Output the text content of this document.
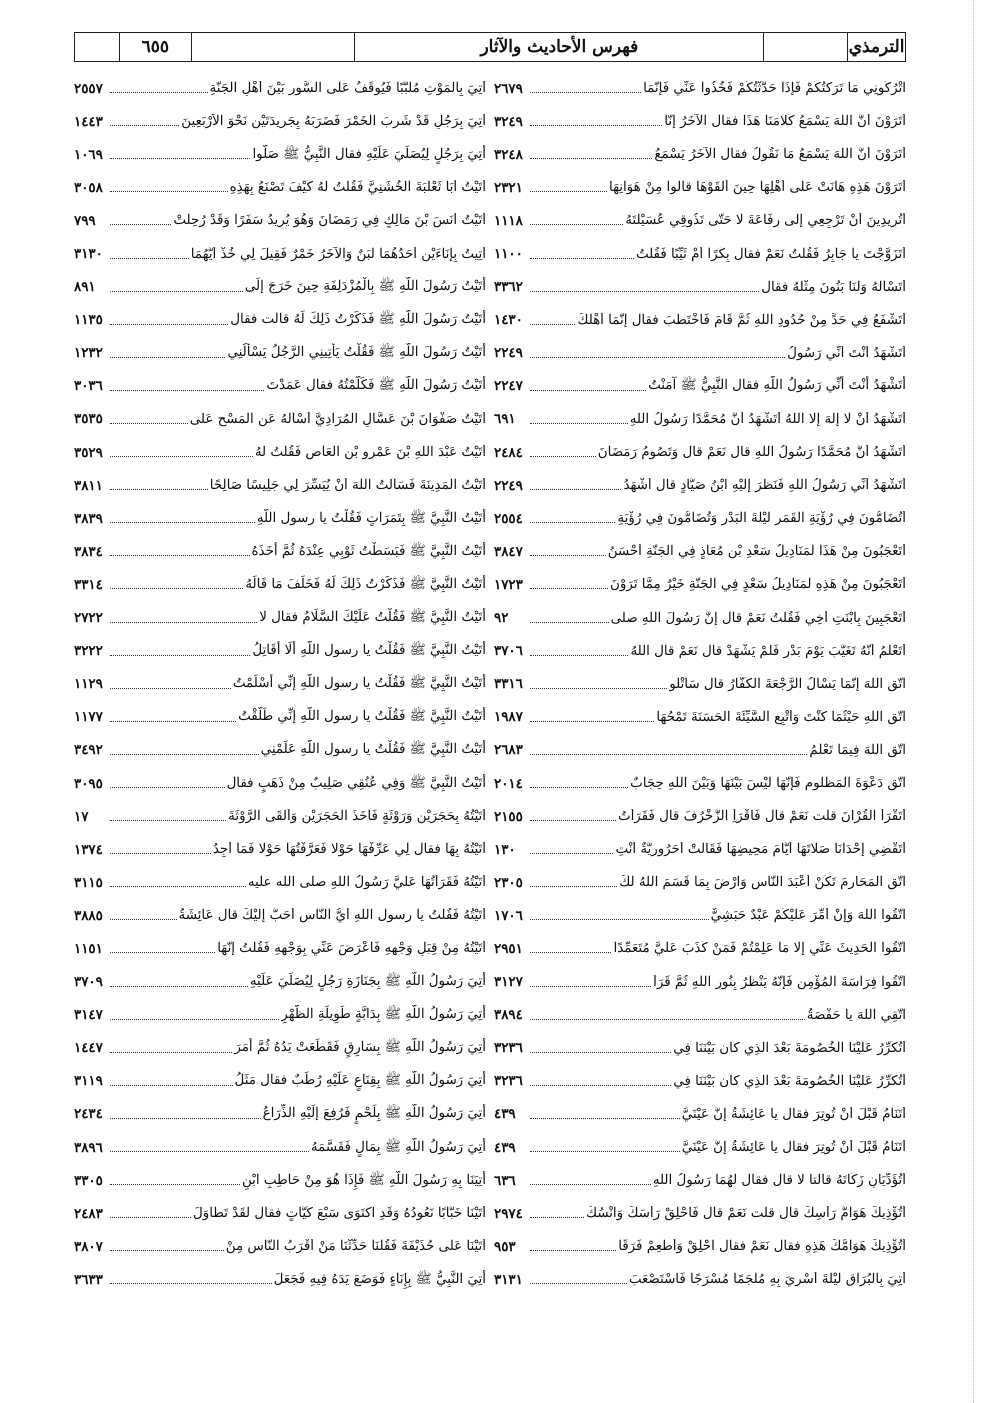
٦٥٥	فهرس الأحاديث والآثار	الترمذي
اتْرُكُونِي مَا تَرَكْتُكُمْ فَإِذَا حَدَّثْتُكُمْ فَخُذُوا عَنِّي فَإِنَّمَا
٢٦٧٩
أتَرَوْنَ أنَّ اللَّهَ يَسْمَعُ كَلَامَنَا هَذَا فقال الآخَرُ إنَّا
٣٢٤٩
أتَرَوْنَ أنَّ اللَّهَ يَسْمَعُ مَا نَقُولُ فقال الآخَرُ يَسْمَعُ
٣٢٤٨
أتَرَوْنَ هَذِهِ هَانَتْ عَلَى أهْلِهَا حِينَ ألْقَوْهَا قالوا مِنْ هَوَانِهَا
٢٣٢١
أتُرِيدِينَ أنْ تَرْجِعِي إلَى رِفَاعَةَ لا حَتَّى تَذُوقِي عُسَيْلَتَهُ
١١١٨
أتَزَوَّجْتَ يا جَابِرُ فَقُلْتُ نَعَمْ فقال بِكْرًا أمْ ثَيِّبًا فَقُلْتُ
١١٠٠
أتَسْأَلُهُ وَلَنَا بَنُونَ مِثْلُهُ فقال
٣٣٦٢
أتَشْفَعُ فِي حَدٍّ مِنْ حُدُودِ اللَّهِ ثُمَّ قَامَ فَاخْتَطَبَ فقال إنَّمَا أهْلَكَ
١٤٣٠
أتَشْهَدُ أنْتَ أنِّي رَسُولُ
٢٢٤٩
أتَشْهَدُ أنْتَ أنِّي رَسُولُ اللَّهِ فقال النَّبِيُّ ﷺ آمَنْتُ
٢٢٤٧
أتَشْهَدُ أنْ لَا إلَهَ إلَّا اللَّهُ أتَشْهَدُ أنَّ مُحَمَّدًا رَسُولُ اللَّهِ
٦٩١
أتَشْهَدُ أنَّ مُحَمَّدًا رَسُولُ اللَّهِ قال نَعَمْ قال وَتَصُومُ رَمَضَانَ
٢٤٨٤
أتَشْهَدُ أنِّي رَسُولُ اللَّهِ فَنَظَرَ إلَيْهِ ابْنُ صَيَّادٍ قال أشْهَدُ
٢٢٤٩
أتُضَامُّونَ فِي رُؤْيَةِ الْقَمَرِ لَيْلَةَ الْبَدْرِ وَتُضَامُّونَ فِي رُؤْيَةِ
٢٥٥٤
أتَعْجَبُونَ مِنْ هَذَا لَمَنَادِيلُ سَعْدِ بْنِ مُعَاذٍ فِي الْجَنَّةِ أحْسَنُ
٣٨٤٧
أتَعْجَبُونَ مِنْ هَذِهِ لَمَنَادِيلُ سَعْدٍ فِي الْجَنَّةِ خَيْرٌ مِمَّا تَرَوْنَ
١٧٢٣
أتَعْجَبِينَ بِابْنَتِ أخِي فَقُلْتُ نَعَمْ قال إنَّ رَسُولَ اللَّهِ صلى
٩٢
أتَعْلَمُ أنَّهُ تَغَيَّبَ يَوْمَ بَدْرٍ فَلَمْ يَشْهَدْ قال نَعَمْ قال اللَّهُ
٣٧٠٦
اتَّقِ اللَّهَ إنَّمَا يَسْأَلُ الرَّجْعَةَ الْكُفَّارُ قال سَأَتْلُو
٣٣١٦
اتَّقِ اللَّهِ حَيْثُمَا كُنْتَ وَأتْبِعِ السَّيِّئَةَ الْحَسَنَةَ تَمْحُهَا
١٩٨٧
اتَّقِ اللَّهَ فِيمَا تَعْلَمُ
٢٦٨٣
اتَّقِ دَعْوَةَ الْمَظْلُومِ فَإِنَّهَا لَيْسَ بَيْنَهَا وَبَيْنَ اللَّهِ حِجَابٌ
٢٠١٤
أتَقْرَأُ الْقُرْآنَ قلت نَعَمْ قال فَاقْرَأِ الزُّخْرُفَ قال فَقَرَأْتُ
٢١٥٥
أتَقْضِي إحْدَانَا صَلَاتَهَا أيَّامَ مَحِيضِهَا فَقَالَتْ أحَرُورِيَّةٌ أنْتِ
١٣٠
اتَّقِ الْمَحَارِمَ تَكُنْ أعْبَدَ النَّاسِ وَارْضَ بِمَا قَسَمَ اللَّهُ لَكَ
٢٣٠٥
اتَّقُوا اللَّهَ وَإنْ أُمِّرَ عَلَيْكُمْ عَبْدٌ حَبَشِيٌّ
١٧٠٦
اتَّقُوا الْحَدِيثَ عَنِّي إلَّا مَا عَلِمْتُمْ فَمَنْ كَذَبَ عَلَيَّ مُتَعَمِّدًا
٢٩٥١
اتَّقُوا فِرَاسَةَ الْمُؤْمِنِ فَإِنَّهُ يَنْظُرُ بِنُورِ اللَّهِ ثُمَّ قَرَأَ
٣١٢٧
اتَّقِي اللَّهَ يا حَفْصَةُ
٣٨٩٤
أتُكَرِّرُ عَلَيْنَا الْخُصُومَةَ بَعْدَ الَّذِي كان بَيْنَنَا فِي
٣٢٣٦
أتُكَرِّرُ عَلَيْنَا الْخُصُومَةَ بَعْدَ الَّذِي كان بَيْنَنَا فِي
٣٢٣٦
أتَنَامُ قَبْلَ أنْ تُوتِرَ فقال يا عَائِشَةُ إنَّ عَيْنَيَّ
٤٣٩
أتَنَامُ قَبْلَ أنْ تُوتِرَ فقال يا عَائِشَةُ إنَّ عَيْنَيَّ
٤٣٩
أتُؤَدِّيَانِ زَكَاتَهُ قالتا لا قال فقال لَهُمَا رَسُولُ اللَّهِ
٦٣٦
أتُؤْذِيكَ هَوَامُّ رَأْسِكَ قال قلت نَعَمْ قال فَاحْلِقْ رَأْسَكَ وَانْسُكْ
٢٩٧٤
أتُؤْذِيكَ هَوَامُّكَ هَذِهِ فقال نَعَمْ فقال احْلِقْ وَأطْعِمْ فَرَقًا
٩٥٣
أُتِيَ بِالْبُرَاقِ لَيْلَةَ أُسْرِيَ بِهِ مُلْجَمًا مُسْرَجًا فَاسْتَصْعَبَ
٣١٣١
أُتِيَ بِالْمَوْتِ مُلَبَّبًا فَيُوقَفُ عَلَى السُّورِ بَيْنَ أهْلِ الْجَنَّةِ
٢٥٥٧
أُتِيَ بِرَجُلٍ قَدْ شَرِبَ الْخَمْرَ فَضَرَبَهُ بِجَرِيدَتَيْنِ نَحْوَ الْأرْبَعِينَ
١٤٤٣
أُتِيَ بِرَجُلٍ لِيُصَلِّيَ عَلَيْهِ فقال النَّبِيُّ ﷺ صَلُّوا
١٠٦٩
أتَيْتُ أبَا ثَعْلَبَةَ الْخُشَنِيَّ فَقُلْتُ لَهُ كَيْفَ تَصْنَعُ بِهَذِهِ
٣٠٥٨
أتَيْتُ أنَسَ بْنَ مَالِكٍ فِي رَمَضَانَ وَهُوَ يُرِيدُ سَفَرًا وَقَدْ رُحِلَتْ
٧٩٩
أُتِيتُ بِإِنَاءَيْنِ أحَدُهُمَا لَبَنٌ وَالْآخَرُ خَمْرٌ فَقِيلَ لِي خُذْ أيَّهُمَا
٣١٣٠
أتَيْتُ رَسُولَ اللَّهِ ﷺ بِالْمُزْدَلِفَةِ حِينَ خَرَجَ إلَى
٨٩١
أتَيْتُ رَسُولَ اللَّهِ ﷺ فَذَكَرْتُ ذَلِكَ لَهُ قالت فقال
١١٣٥
أتَيْتُ رَسُولَ اللَّهِ ﷺ فَقُلْتُ يَأْتِينِي الرَّجُلُ يَسْألُنِي
١٢٣٢
أتَيْتُ رَسُولَ اللَّهِ ﷺ فَكَلَّمْتُهُ فقال عَمَدْتَ
٣٠٣٦
أتَيْتُ صَفْوَانَ بْنَ عَسَّالٍ الْمُرَادِيَّ أسْألُهُ عَنِ الْمَسْحِ عَلَى
٣٥٣٥
أتَيْتُ عَبْدَ اللَّهِ بْنَ عَمْرِو بْنِ الْعَاصِ فَقُلْتُ لَهُ
٣٥٢٩
أتَيْتُ الْمَدِينَةَ فَسَأَلْتُ اللَّهَ أنْ يُيَسِّرَ لِي جَلِيسًا صَالِحًا
٣٨١١
أتَيْتُ النَّبِيَّ ﷺ بِتَمَرَاتٍ فَقُلْتُ يا رسول اللَّهِ
٣٨٣٩
أتَيْتُ النَّبِيَّ ﷺ فَبَسَطْتُ ثَوْبِي عِنْدَهُ ثُمَّ أخَذَهُ
٣٨٣٤
أتَيْتُ النَّبِيَّ ﷺ فَذَكَرْتُ ذَلِكَ لَهُ فَخَلَفَ مَا قَالَهُ
٣٣١٤
أتَيْتُ النَّبِيَّ ﷺ فَقُلْتُ عَلَيْكَ السَّلَامُ فقال لا
٢٧٢٢
أتَيْتُ النَّبِيَّ ﷺ فَقُلْتُ يا رسول اللَّهِ ألَا أُقَاتِلُ
٣٢٢٢
أتَيْتُ النَّبِيَّ ﷺ فَقُلْتُ يا رسول اللَّهِ إنِّي أسْلَمْتُ
١١٢٩
أتَيْتُ النَّبِيَّ ﷺ فَقُلْتُ يا رسول اللَّهِ إنِّي طَلَّقْتُ
١١٧٧
أتَيْتُ النَّبِيَّ ﷺ فَقُلْتُ يا رسول اللَّهِ عَلِّمْنِي
٣٤٩٢
أتَيْتُ النَّبِيَّ ﷺ وَفِي عُنُقِي صَلِيبٌ مِنْ ذَهَبٍ فقال
٣٠٩٥
أتَيْتُهُ بِحَجَرَيْنِ وَرَوْثَةٍ فَأَخَذَ الْحَجَرَيْنِ وَألْقَى الرَّوْثَةَ
١٧
أتَيْتُهُ بِهَا فقال لِي عَرِّفْهَا حَوْلًا فَعَرَّفْتُهَا حَوْلًا فَمَا أجِدُ
١٣٧٤
أتَيْتُهُ فَقَرَأْتُهَا عَلَيَّ رَسُولُ اللَّهِ صلى الله عليه
٣١١٥
أتَيْتُهُ فَقُلْتُ يا رسول اللَّهِ أيُّ النَّاسِ أحَبُّ إلَيْكَ قال عَائِشَةُ
٣٨٨٥
أتَيْتُهُ مِنْ قِبَلِ وَجْهِهِ فَأَعْرَضَ عَنِّي بِوَجْهِهِ فَقُلْتُ إنَّهَا
١١٥١
أُتِيَ رَسُولُ اللَّهِ ﷺ بِجَنَازَةِ رَجُلٍ لِيُصَلِّيَ عَلَيْهِ
٣٧٠٩
أُتِيَ رَسُولُ اللَّهِ ﷺ بِدَابَّةٍ طَوِيلَةِ الظَّهْرِ
٣١٤٧
أُتِيَ رَسُولُ اللَّهِ ﷺ بِسَارِقٍ فَقَطَعَتْ يَدُهُ ثُمَّ أمَرَ
١٤٤٧
أُتِيَ رَسُولُ اللَّهِ ﷺ بِقِنَاعٍ عَلَيْهِ رُطَبٌ فقال مَثَلُ
٣١١٩
أُتِيَ رَسُولُ اللَّهِ ﷺ بِلَحْمٍ فَرُفِعَ إلَيْهِ الذِّرَاعُ
٢٤٣٤
أُتِيَ رَسُولُ اللَّهِ ﷺ بِمَالٍ فَقَسَّمَهُ
٣٨٩٦
أُتِيَنَا بِهِ رَسُولَ اللَّهِ ﷺ فَإِذَا هُوَ مِنْ حَاطِبِ ابْنِ
٣٣٠٥
أتَيْنَا خَبَّابًا نَعُودُهُ وَقَدِ اكْتَوَى سَبْعَ كَيَّاتٍ فقال لَقَدْ تَطَاوَلَ
٢٤٨٣
أتَيْنَا عَلَى حُذَيْفَةَ فَقُلْنَا حَدِّثْنَا مَنْ أقْرَبُ النَّاسِ مِنْ
٣٨٠٧
أُتِيَ النَّبِيُّ ﷺ بِإِنَاءٍ فَوَضَعَ يَدَهُ فِيهِ فَجَعَلَ
٣٦٣٣
